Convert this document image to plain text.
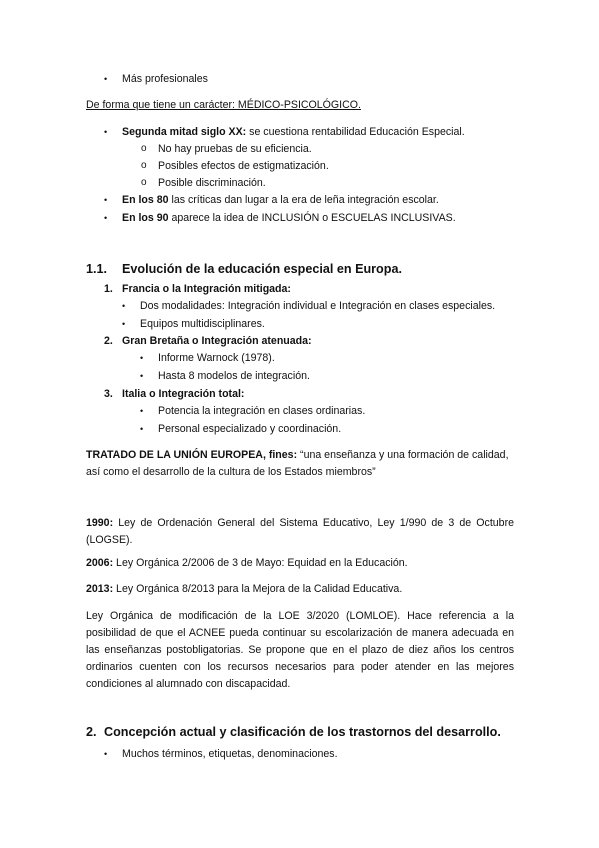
• Más profesionales
De forma que tiene un carácter: MÉDICO-PSICOLÓGICO.
• Segunda mitad siglo XX: se cuestiona rentabilidad Educación Especial.
o No hay pruebas de su eficiencia.
o Posibles efectos de estigmatización.
o Posible discriminación.
• En los 80 las críticas dan lugar a la era de leña integración escolar.
• En los 90 aparece la idea de INCLUSIÓN o ESCUELAS INCLUSIVAS.
1.1. Evolución de la educación especial en Europa.
1. Francia o la Integración mitigada:
• Dos modalidades: Integración individual e Integración en clases especiales.
• Equipos multidisciplinares.
2. Gran Bretaña o Integración atenuada:
• Informe Warnock (1978).
• Hasta 8 modelos de integración.
3. Italia o Integración total:
• Potencia la integración en clases ordinarias.
• Personal especializado y coordinación.
TRATADO DE LA UNIÓN EUROPEA, fines: “una enseñanza y una formación de calidad,
así como el desarrollo de la cultura de los Estados miembros”
1990: Ley de Ordenación General del Sistema Educativo, Ley 1/990 de 3 de Octubre (LOGSE).
2006: Ley Orgánica 2/2006 de 3 de Mayo: Equidad en la Educación.
2013: Ley Orgánica 8/2013 para la Mejora de la Calidad Educativa.
Ley Orgánica de modificación de la LOE 3/2020 (LOMLOE). Hace referencia a la posibilidad de que el ACNEE pueda continuar su escolarización de manera adecuada en las enseñanzas postobligatorias. Se propone que en el plazo de diez años los centros ordinarios cuenten con los recursos necesarios para poder atender en las mejores condiciones al alumnado con discapacidad.
2. Concepción actual y clasificación de los trastornos del desarrollo.
• Muchos términos, etiquetas, denominaciones.
